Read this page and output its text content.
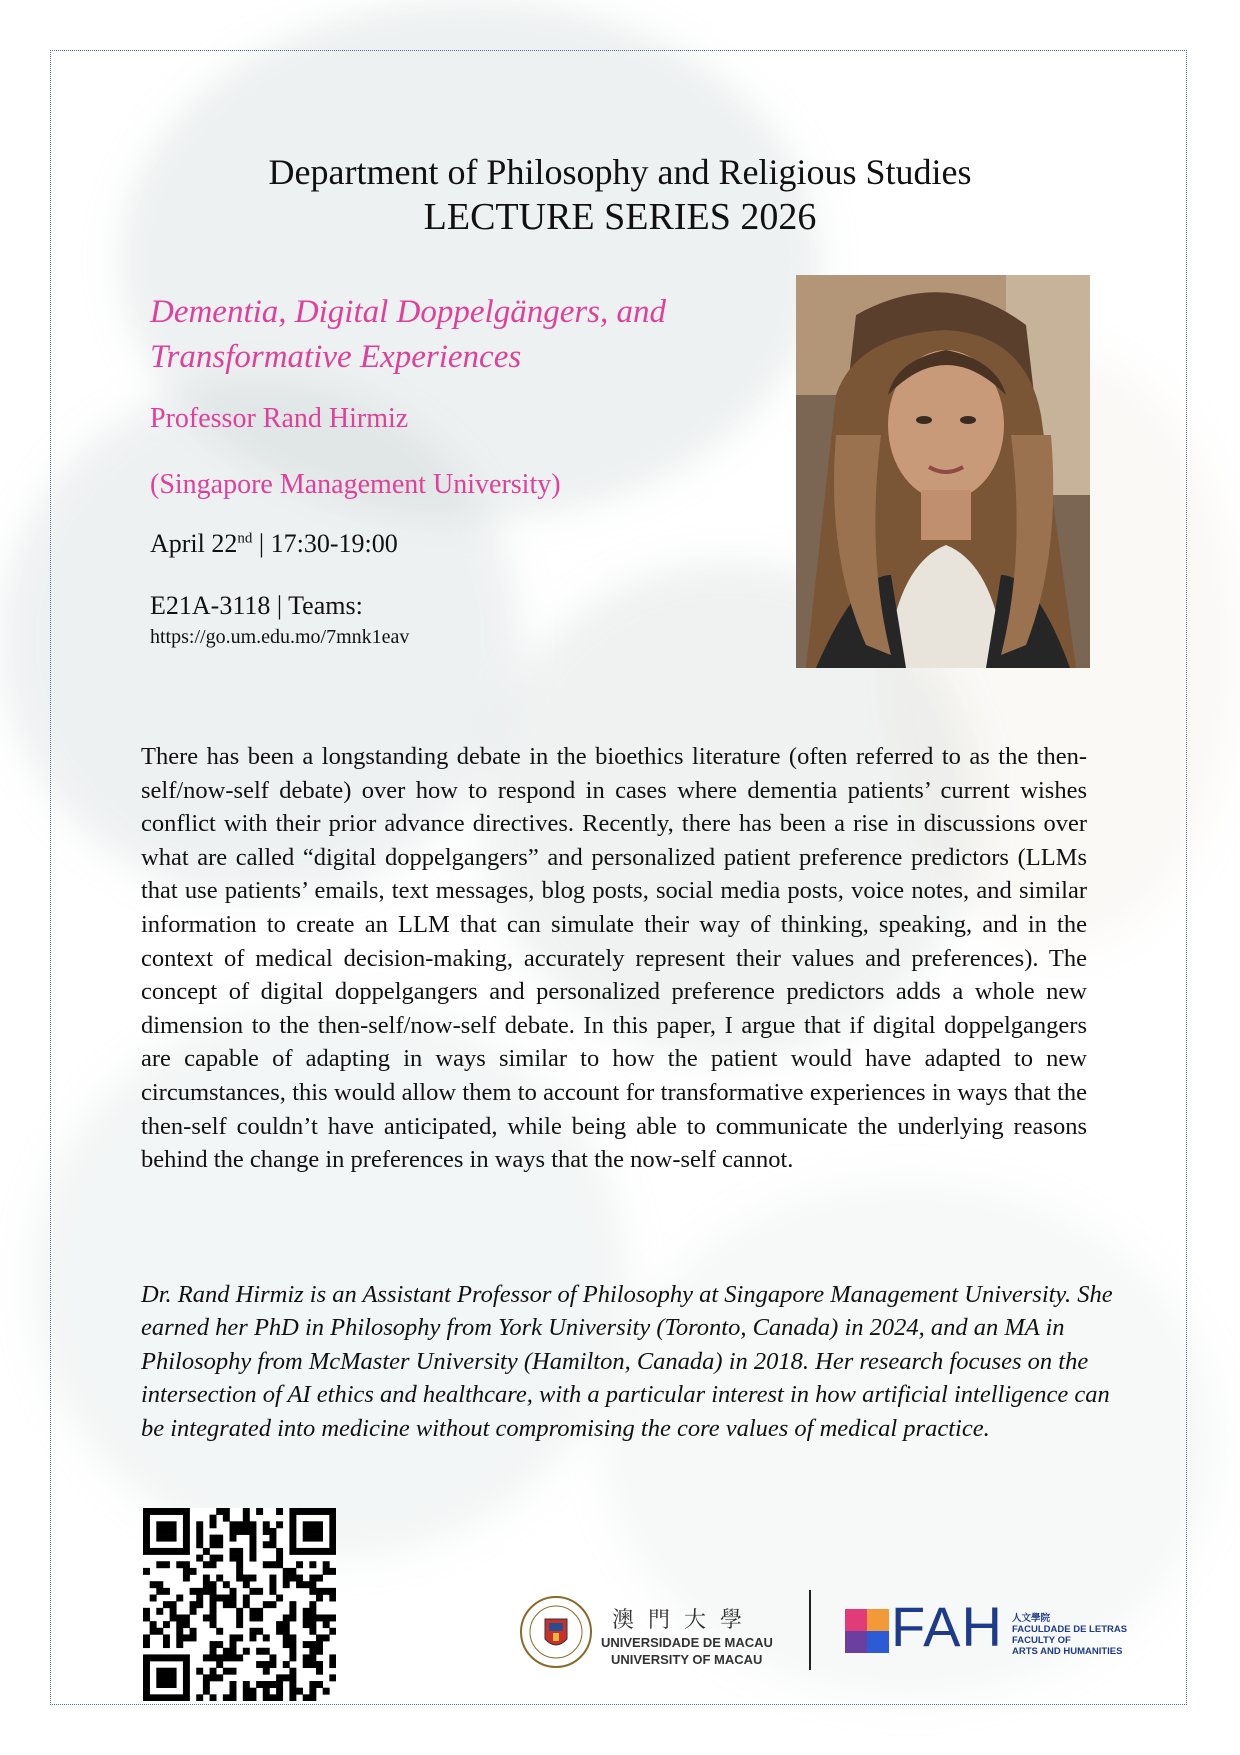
Department of Philosophy and Religious Studies
LECTURE SERIES 2026
Dementia, Digital Doppelgängers, and
Transformative Experiences
Professor Rand Hirmiz
(Singapore Management University)
April 22nd | 17:30-19:00
E21A-3118 | Teams:
https://go.um.edu.mo/7mnk1eav
There has been a longstanding debate in the bioethics literature (often referred to as the then-self/now-self debate) over how to respond in cases where dementia patients’ current wishes conflict with their prior advance directives. Recently, there has been a rise in discussions over what are called “digital doppelgangers” and personalized patient preference predictors (LLMs that use patients’ emails, text messages, blog posts, social media posts, voice notes, and similar information to create an LLM that can simulate their way of thinking, speaking, and in the context of medical decision-making, accurately represent their values and preferences). The concept of digital doppelgangers and personalized preference predictors adds a whole new dimension to the then-self/now-self debate. In this paper, I argue that if digital doppelgangers are capable of adapting in ways similar to how the patient would have adapted to new circumstances, this would allow them to account for transformative experiences in ways that the then-self couldn’t have anticipated, while being able to communicate the underlying reasons behind the change in preferences in ways that the now-self cannot.
Dr. Rand Hirmiz is an Assistant Professor of Philosophy at Singapore Management University. She earned her PhD in Philosophy from York University (Toronto, Canada) in 2024, and an MA in Philosophy from McMaster University (Hamilton, Canada) in 2018. Her research focuses on the intersection of AI ethics and healthcare, with a particular interest in how artificial intelligence can be integrated into medicine without compromising the core values of medical practice.
澳門大學
UNIVERSIDADE DE MACAU
UNIVERSITY OF MACAU
FAH 人文學院
FACULDADE DE LETRAS
FACULTY OF
ARTS AND HUMANITIES
